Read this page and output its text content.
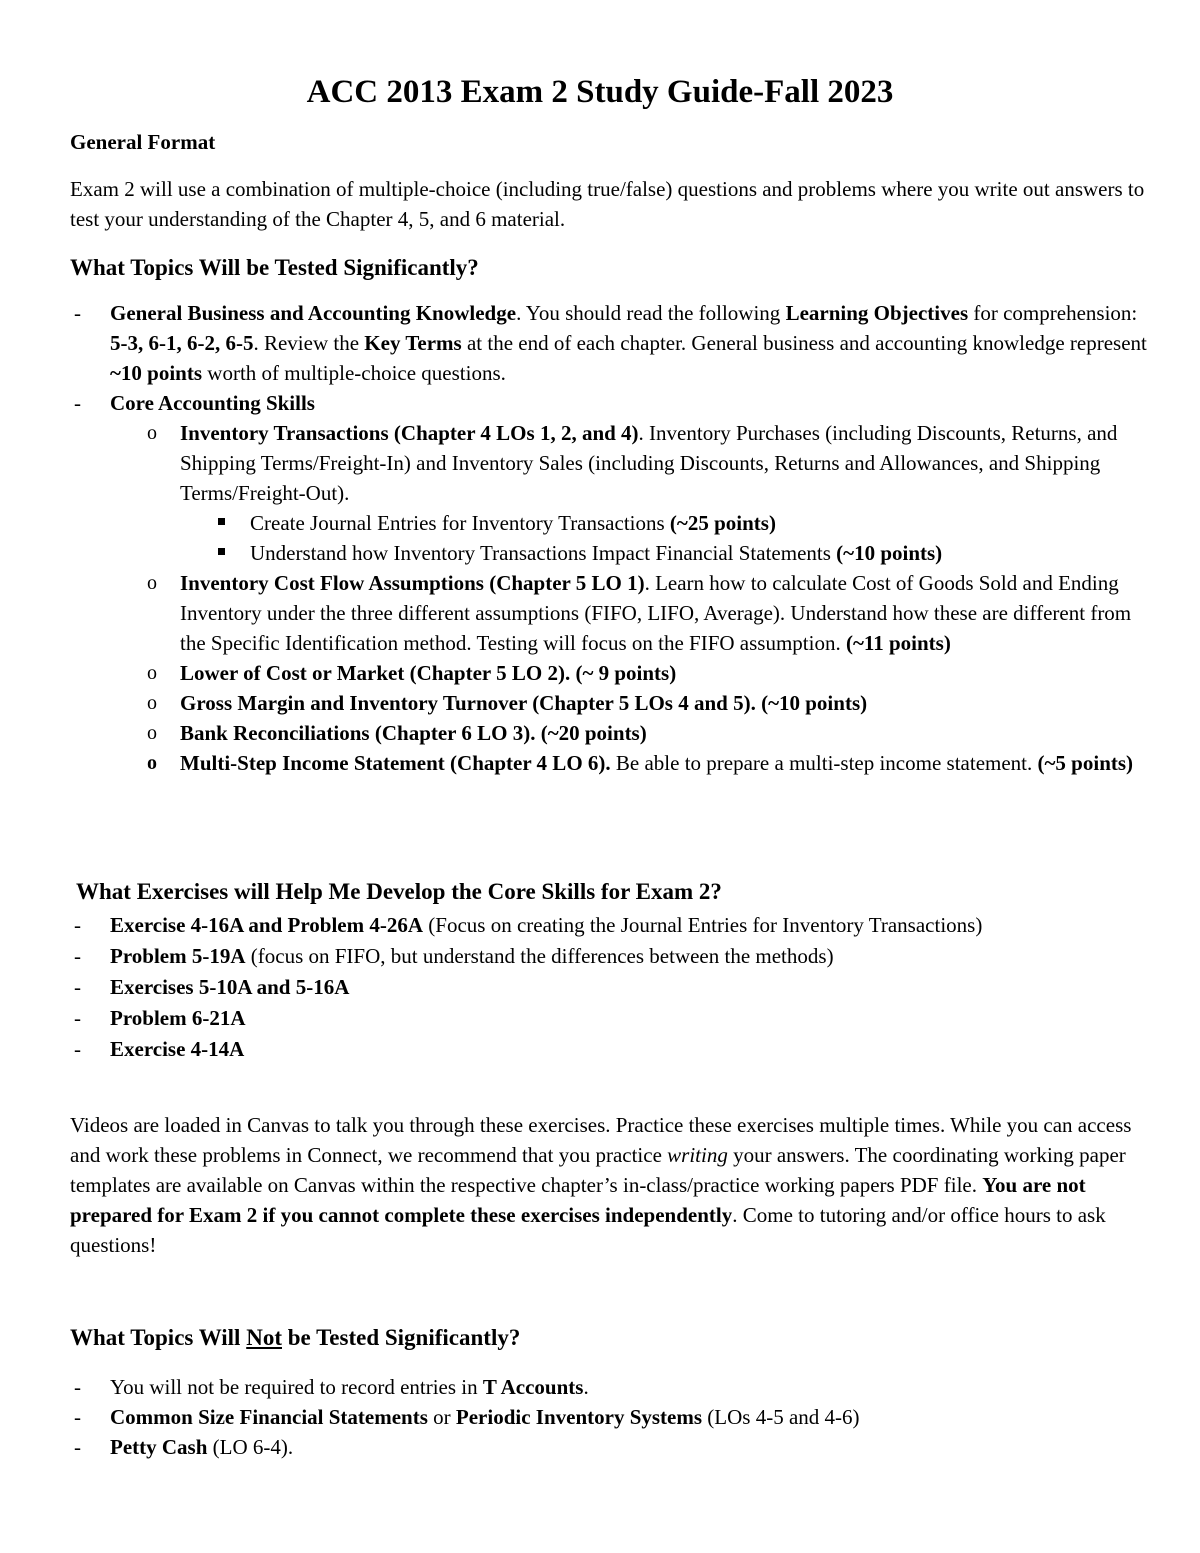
ACC 2013 Exam 2 Study Guide-Fall 2023

General Format

Exam 2 will use a combination of multiple-choice (including true/false) questions and problems where you write out answers to test your understanding of the Chapter 4, 5, and 6 material.

What Topics Will be Tested Significantly?
- General Business and Accounting Knowledge. You should read the following Learning Objectives for comprehension: 5-3, 6-1, 6-2, 6-5. Review the Key Terms at the end of each chapter. General business and accounting knowledge represent ~10 points worth of multiple-choice questions.
- Core Accounting Skills
o Inventory Transactions (Chapter 4 LOs 1, 2, and 4). Inventory Purchases (including Discounts, Returns, and Shipping Terms/Freight-In) and Inventory Sales (including Discounts, Returns and Allowances, and Shipping Terms/Freight-Out).
Create Journal Entries for Inventory Transactions (~25 points)
Understand how Inventory Transactions Impact Financial Statements (~10 points)
o Inventory Cost Flow Assumptions (Chapter 5 LO 1). Learn how to calculate Cost of Goods Sold and Ending Inventory under the three different assumptions (FIFO, LIFO, Average). Understand how these are different from the Specific Identification method. Testing will focus on the FIFO assumption. (~11 points)
o Lower of Cost or Market (Chapter 5 LO 2). (~ 9 points)
o Gross Margin and Inventory Turnover (Chapter 5 LOs 4 and 5). (~10 points)
o Bank Reconciliations (Chapter 6 LO 3). (~20 points)
o Multi-Step Income Statement (Chapter 4 LO 6). Be able to prepare a multi-step income statement. (~5 points)
What Exercises will Help Me Develop the Core Skills for Exam 2?
- Exercise 4-16A and Problem 4-26A (Focus on creating the Journal Entries for Inventory Transactions)
- Problem 5-19A (focus on FIFO, but understand the differences between the methods)
- Exercises 5-10A and 5-16A
- Problem 6-21A
- Exercise 4-14A

Videos are loaded in Canvas to talk you through these exercises. Practice these exercises multiple times. While you can access and work these problems in Connect, we recommend that you practice writing your answers. The coordinating working paper templates are available on Canvas within the respective chapter’s in-class/practice working papers PDF file. You are not prepared for Exam 2 if you cannot complete these exercises independently. Come to tutoring and/or office hours to ask questions!

What Topics Will Not be Tested Significantly?
- You will not be required to record entries in T Accounts.
- Common Size Financial Statements or Periodic Inventory Systems (LOs 4-5 and 4-6)
- Petty Cash (LO 6-4).
